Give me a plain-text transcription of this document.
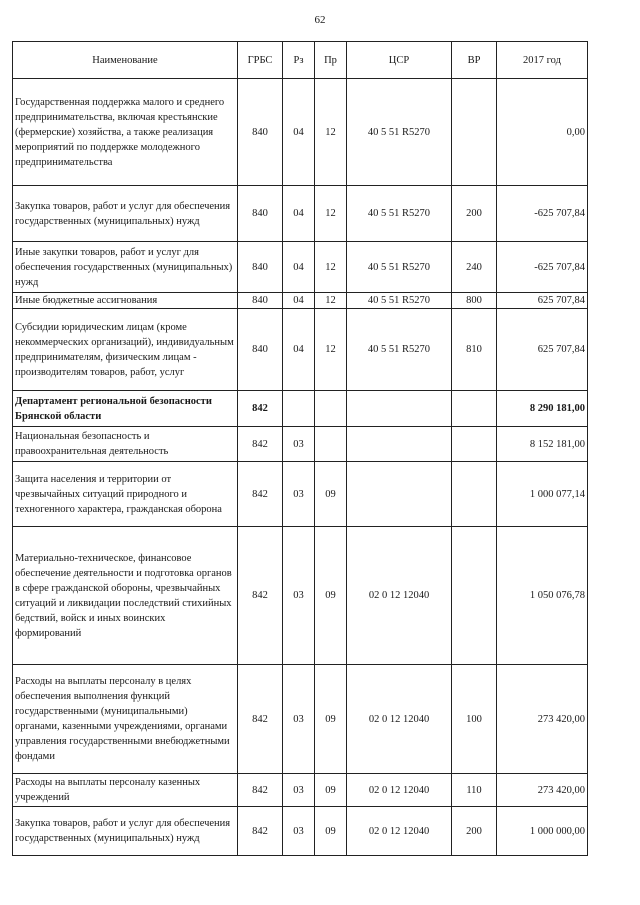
62
Наименование	ГРБС	Рз	Пр	ЦСР	ВР	2017 год
Государственная поддержка малого и среднего предпринимательства, включая крестьянские (фермерские) хозяйства, а также реализация мероприятий по поддержке молодежного предпринимательства	840	04	12	40 5 51 R5270		0,00
Закупка товаров, работ и услуг для обеспечения государственных (муниципальных) нужд	840	04	12	40 5 51 R5270	200	-625 707,84
Иные закупки товаров, работ и услуг для обеспечения государственных (муниципальных) нужд	840	04	12	40 5 51 R5270	240	-625 707,84
Иные бюджетные ассигнования	840	04	12	40 5 51 R5270	800	625 707,84
Субсидии юридическим лицам (кроме некоммерческих организаций), индивидуальным предпринимателям, физическим лицам - производителям товаров, работ, услуг	840	04	12	40 5 51 R5270	810	625 707,84
Департамент региональной безопасности Брянской области	842					8 290 181,00
Национальная безопасность и правоохранительная деятельность	842	03				8 152 181,00
Защита населения и территории от чрезвычайных ситуаций природного и техногенного характера, гражданская оборона	842	03	09			1 000 077,14
Материально-техническое, финансовое обеспечение деятельности и подготовка органов в сфере гражданской обороны, чрезвычайных ситуаций и ликвидации последствий стихийных бедствий, войск и иных воинских формирований	842	03	09	02 0 12 12040		1 050 076,78
Расходы на выплаты персоналу в целях обеспечения выполнения функций государственными (муниципальными) органами, казенными учреждениями, органами управления государственными внебюджетными фондами	842	03	09	02 0 12 12040	100	273 420,00
Расходы на выплаты персоналу казенных учреждений	842	03	09	02 0 12 12040	110	273 420,00
Закупка товаров, работ и услуг для обеспечения государственных (муниципальных) нужд	842	03	09	02 0 12 12040	200	1 000 000,00
